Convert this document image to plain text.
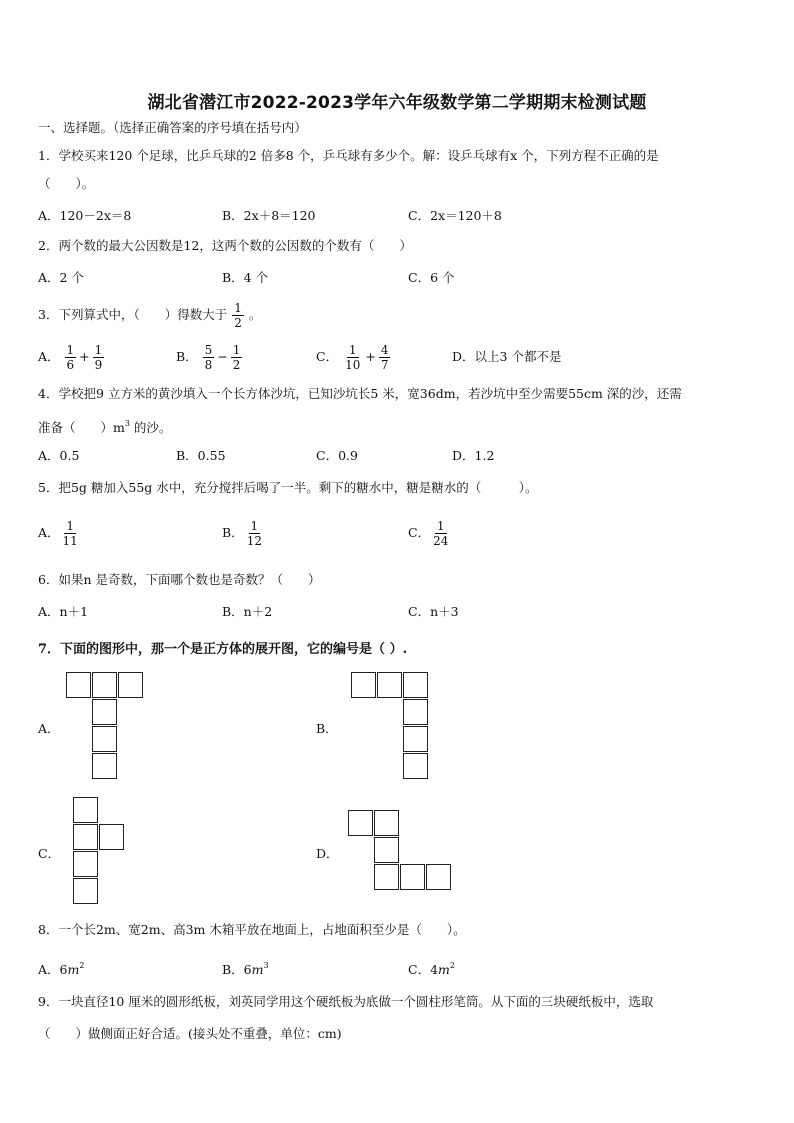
湖北省潜江市2022-2023学年六年级数学第二学期期末检测试题
一、选择题。（选择正确答案的序号填在括号内）
1．学校买来120 个足球，比乒乓球的2 倍多8 个，乒乓球有多少个。解：设乒乓球有x 个，下列方程不正确的是
（　　）。
A．120－2x＝8	B．2x＋8＝120	C．2x＝120＋8
2．两个数的最大公因数是12，这两个数的公因数的个数有（　　）
A．2 个	B．4 个	C．6 个
3．下列算式中，（　　）得数大于 $\frac{1}{2}$ 。
A． $\frac{1}{6} + \frac{1}{9}$	B． $\frac{5}{8} - \frac{1}{2}$	C． $\frac{1}{10} + \frac{4}{7}$	D．以上3 个都不是
4．学校把9 立方米的黄沙填入一个长方体沙坑，已知沙坑长5 米，宽36dm，若沙坑中至少需要55cm 深的沙，还需
准备（　　）$m^3$ 的沙。
A．0.5	B．0.55	C．0.9	D．1.2
5．把5g 糖加入55g 水中，充分搅拌后喝了一半。剩下的糖水中，糖是糖水的（　　　）。
A． $\frac{1}{11}$	B． $\frac{1}{12}$	C． $\frac{1}{24}$
6．如果n 是奇数，下面哪个数也是奇数？（　　）
A．n＋1	B．n＋2	C．n＋3
7．下面的图形中，那一个是正方体的展开图，它的编号是（ ）.
A．	B．
C．	D．
8．一个长2m、宽2m、高3m 木箱平放在地面上，占地面积至少是（　　）。
A．$6m^2$	B．$6m^3$	C．$4m^2$
9．一块直径10 厘米的圆形纸板，刘英同学用这个硬纸板为底做一个圆柱形笔筒。从下面的三块硬纸板中，选取
（　　）做侧面正好合适。(接头处不重叠，单位：cm)
